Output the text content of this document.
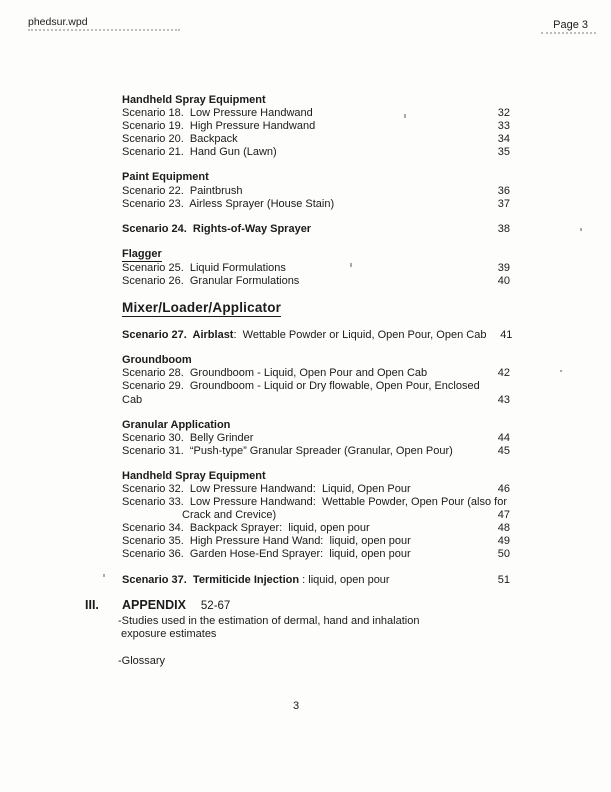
phedsur.wpd	Page 3
Handheld Spray Equipment
Scenario 18.  Low Pressure Handwand	32
Scenario 19.  High Pressure Handwand	33
Scenario 20.  Backpack	34
Scenario 21.  Hand Gun (Lawn)	35
Paint Equipment
Scenario 22.  Paintbrush	36
Scenario 23.  Airless Sprayer (House Stain)	37
Scenario 24.  Rights-of-Way Sprayer	38
Flagger
Scenario 25.  Liquid Formulations	39
Scenario 26.  Granular Formulations	40
Mixer/Loader/Applicator
Scenario 27.  Airblast:  Wettable Powder or Liquid, Open Pour, Open Cab	41
Groundboom
Scenario 28.  Groundboom - Liquid, Open Pour and Open Cab	42
Scenario 29.  Groundboom - Liquid or Dry flowable, Open Pour, Enclosed
Cab	43
Granular Application
Scenario 30.  Belly Grinder	44
Scenario 31.  “Push-type” Granular Spreader (Granular, Open Pour)	45
Handheld Spray Equipment
Scenario 32.  Low Pressure Handwand:  Liquid, Open Pour	46
Scenario 33.  Low Pressure Handwand:  Wettable Powder, Open Pour (also for
Crack and Crevice)	47
Scenario 34.  Backpack Sprayer:  liquid, open pour	48
Scenario 35.  High Pressure Hand Wand:  liquid, open pour	49
Scenario 36.  Garden Hose-End Sprayer:  liquid, open pour	50
Scenario 37.  Termiticide Injection : liquid, open pour	51
III.	APPENDIX 52-67
-Studies used in the estimation of dermal, hand and inhalation
exposure estimates
-Glossary
3
